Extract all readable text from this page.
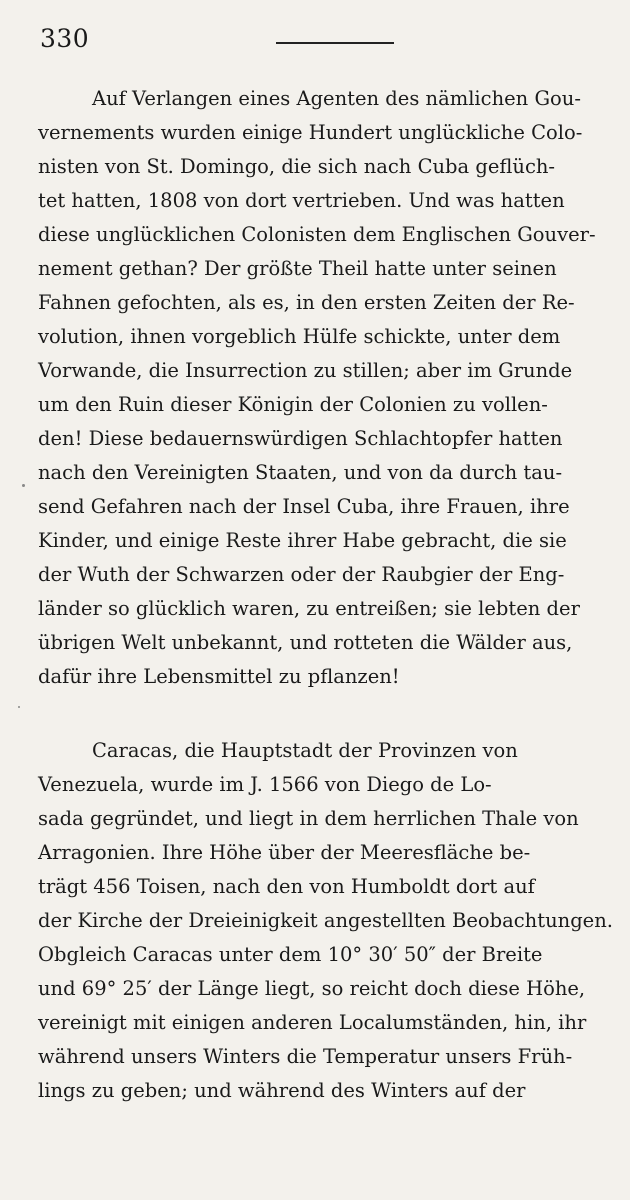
330
Auf Verlangen eines Agenten des nämlichen Gou-
vernements wurden einige Hundert unglückliche Colo-
nisten von St. Domingo, die sich nach Cuba geflüch-
tet hatten, 1808 von dort vertrieben. Und was hatten
diese unglücklichen Colonisten dem Englischen Gouver-
nement gethan? Der größte Theil hatte unter seinen
Fahnen gefochten, als es, in den ersten Zeiten der Re-
volution, ihnen vorgeblich Hülfe schickte, unter dem
Vorwande, die Insurrection zu stillen; aber im Grunde
um den Ruin dieser Königin der Colonien zu vollen-
den! Diese bedauernswürdigen Schlachtopfer hatten
nach den Vereinigten Staaten, und von da durch tau-
send Gefahren nach der Insel Cuba, ihre Frauen, ihre
Kinder, und einige Reste ihrer Habe gebracht, die sie
der Wuth der Schwarzen oder der Raubgier der Eng-
länder so glücklich waren, zu entreißen; sie lebten der
übrigen Welt unbekannt, und rotteten die Wälder aus,
dafür ihre Lebensmittel zu pflanzen!
Caracas, die Hauptstadt der Provinzen von
Venezuela, wurde im J. 1566 von Diego de Lo-
sada gegründet, und liegt in dem herrlichen Thale von
Arragonien. Ihre Höhe über der Meeresfläche be-
trägt 456 Toisen, nach den von Humboldt dort auf
der Kirche der Dreieinigkeit angestellten Beobachtungen.
Obgleich Caracas unter dem 10° 30′ 50″ der Breite
und 69° 25′ der Länge liegt, so reicht doch diese Höhe,
vereinigt mit einigen anderen Localumständen, hin, ihr
während unsers Winters die Temperatur unsers Früh-
lings zu geben; und während des Winters auf der
